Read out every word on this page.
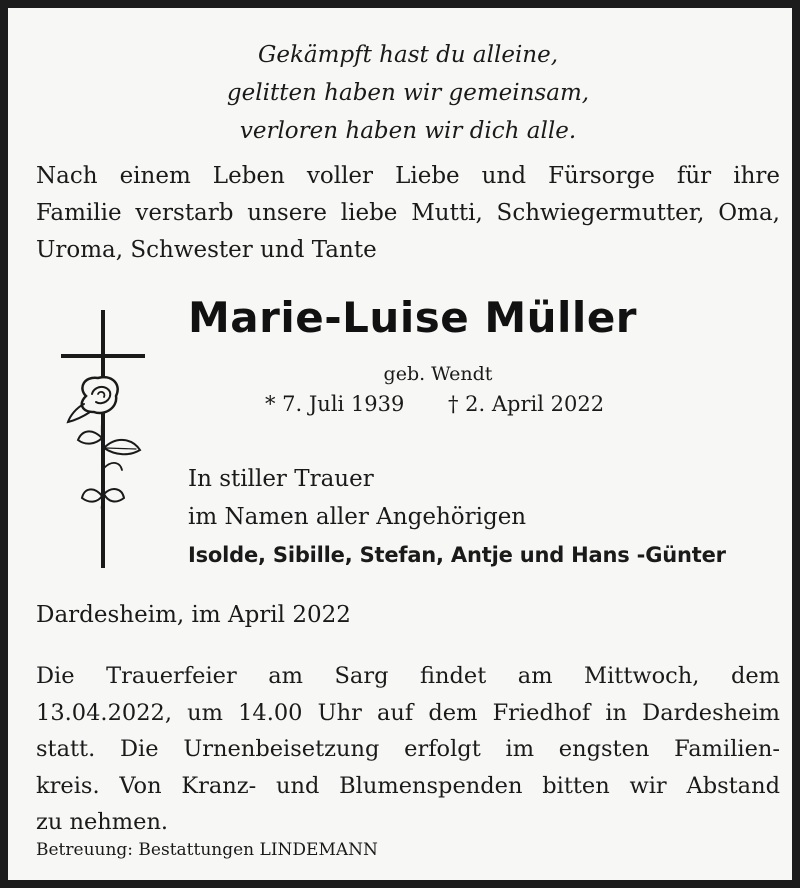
Gekämpft hast du alleine,
gelitten haben wir gemeinsam,
verloren haben wir dich alle.
Nach einem Leben voller Liebe und Fürsorge für ihre
Familie verstarb unsere liebe Mutti, Schwiegermutter, Oma,
Uroma, Schwester und Tante
Marie-Luise Müller
geb. Wendt
* 7. Juli 1939 † 2. April 2022
In stiller Trauer
im Namen aller Angehörigen
Isolde, Sibille, Stefan, Antje und Hans -Günter
Dardesheim, im April 2022
Die Trauerfeier am Sarg findet am Mittwoch, dem
13.04.2022, um 14.00 Uhr auf dem Friedhof in Dardesheim
statt. Die Urnenbeisetzung erfolgt im engsten Familien-
kreis. Von Kranz- und Blumenspenden bitten wir Abstand
zu nehmen.
Betreuung: Bestattungen LINDEMANN
